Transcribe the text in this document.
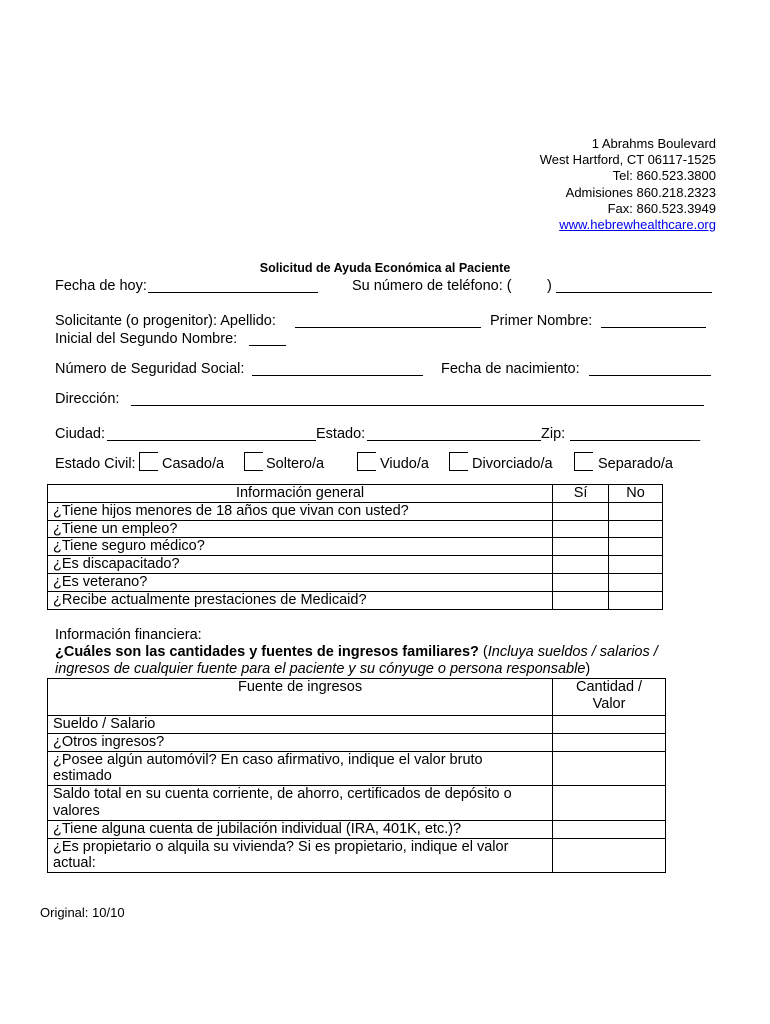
1 Abrahms Boulevard
West Hartford, CT 06117-1525
Tel: 860.523.3800
Admisiones 860.218.2323
Fax: 860.523.3949
www.hebrewhealthcare.org
Solicitud de Ayuda Económica al Paciente
Fecha de hoy:	Su número de teléfono: ( )
Solicitante (o progenitor): Apellido:	Primer Nombre:
Inicial del Segundo Nombre:
Número de Seguridad Social:	Fecha de nacimiento:
Dirección:
Ciudad:	Estado:	Zip:	_
Estado Civil: Casado/a	Soltero/a	Viudo/a	Divorciado/a	Separado/a
Información general	Sí	No
¿Tiene hijos menores de 18 años que vivan con usted?		
¿Tiene un empleo?		
¿Tiene seguro médico?		
¿Es discapacitado?		
¿Es veterano?		
¿Recibe actualmente prestaciones de Medicaid?		
Información financiera:
¿Cuáles son las cantidades y fuentes de ingresos familiares? (Incluya sueldos / salarios /
ingresos de cualquier fuente para el paciente y su cónyuge o persona responsable)
Fuente de ingresos	Cantidad /
Valor

Sueldo / Salario	
¿Otros ingresos?	

¿Posee algún automóvil? En caso afirmativo, indique el valor bruto
estimado	

Saldo total en su cuenta corriente, de ahorro, certificados de depósito o
valores	

¿Tiene alguna cuenta de jubilación individual (IRA, 401K, etc.)?	

¿Es propietario o alquila su vivienda? Si es propietario, indique el valor
actual:	

Original: 10/10
